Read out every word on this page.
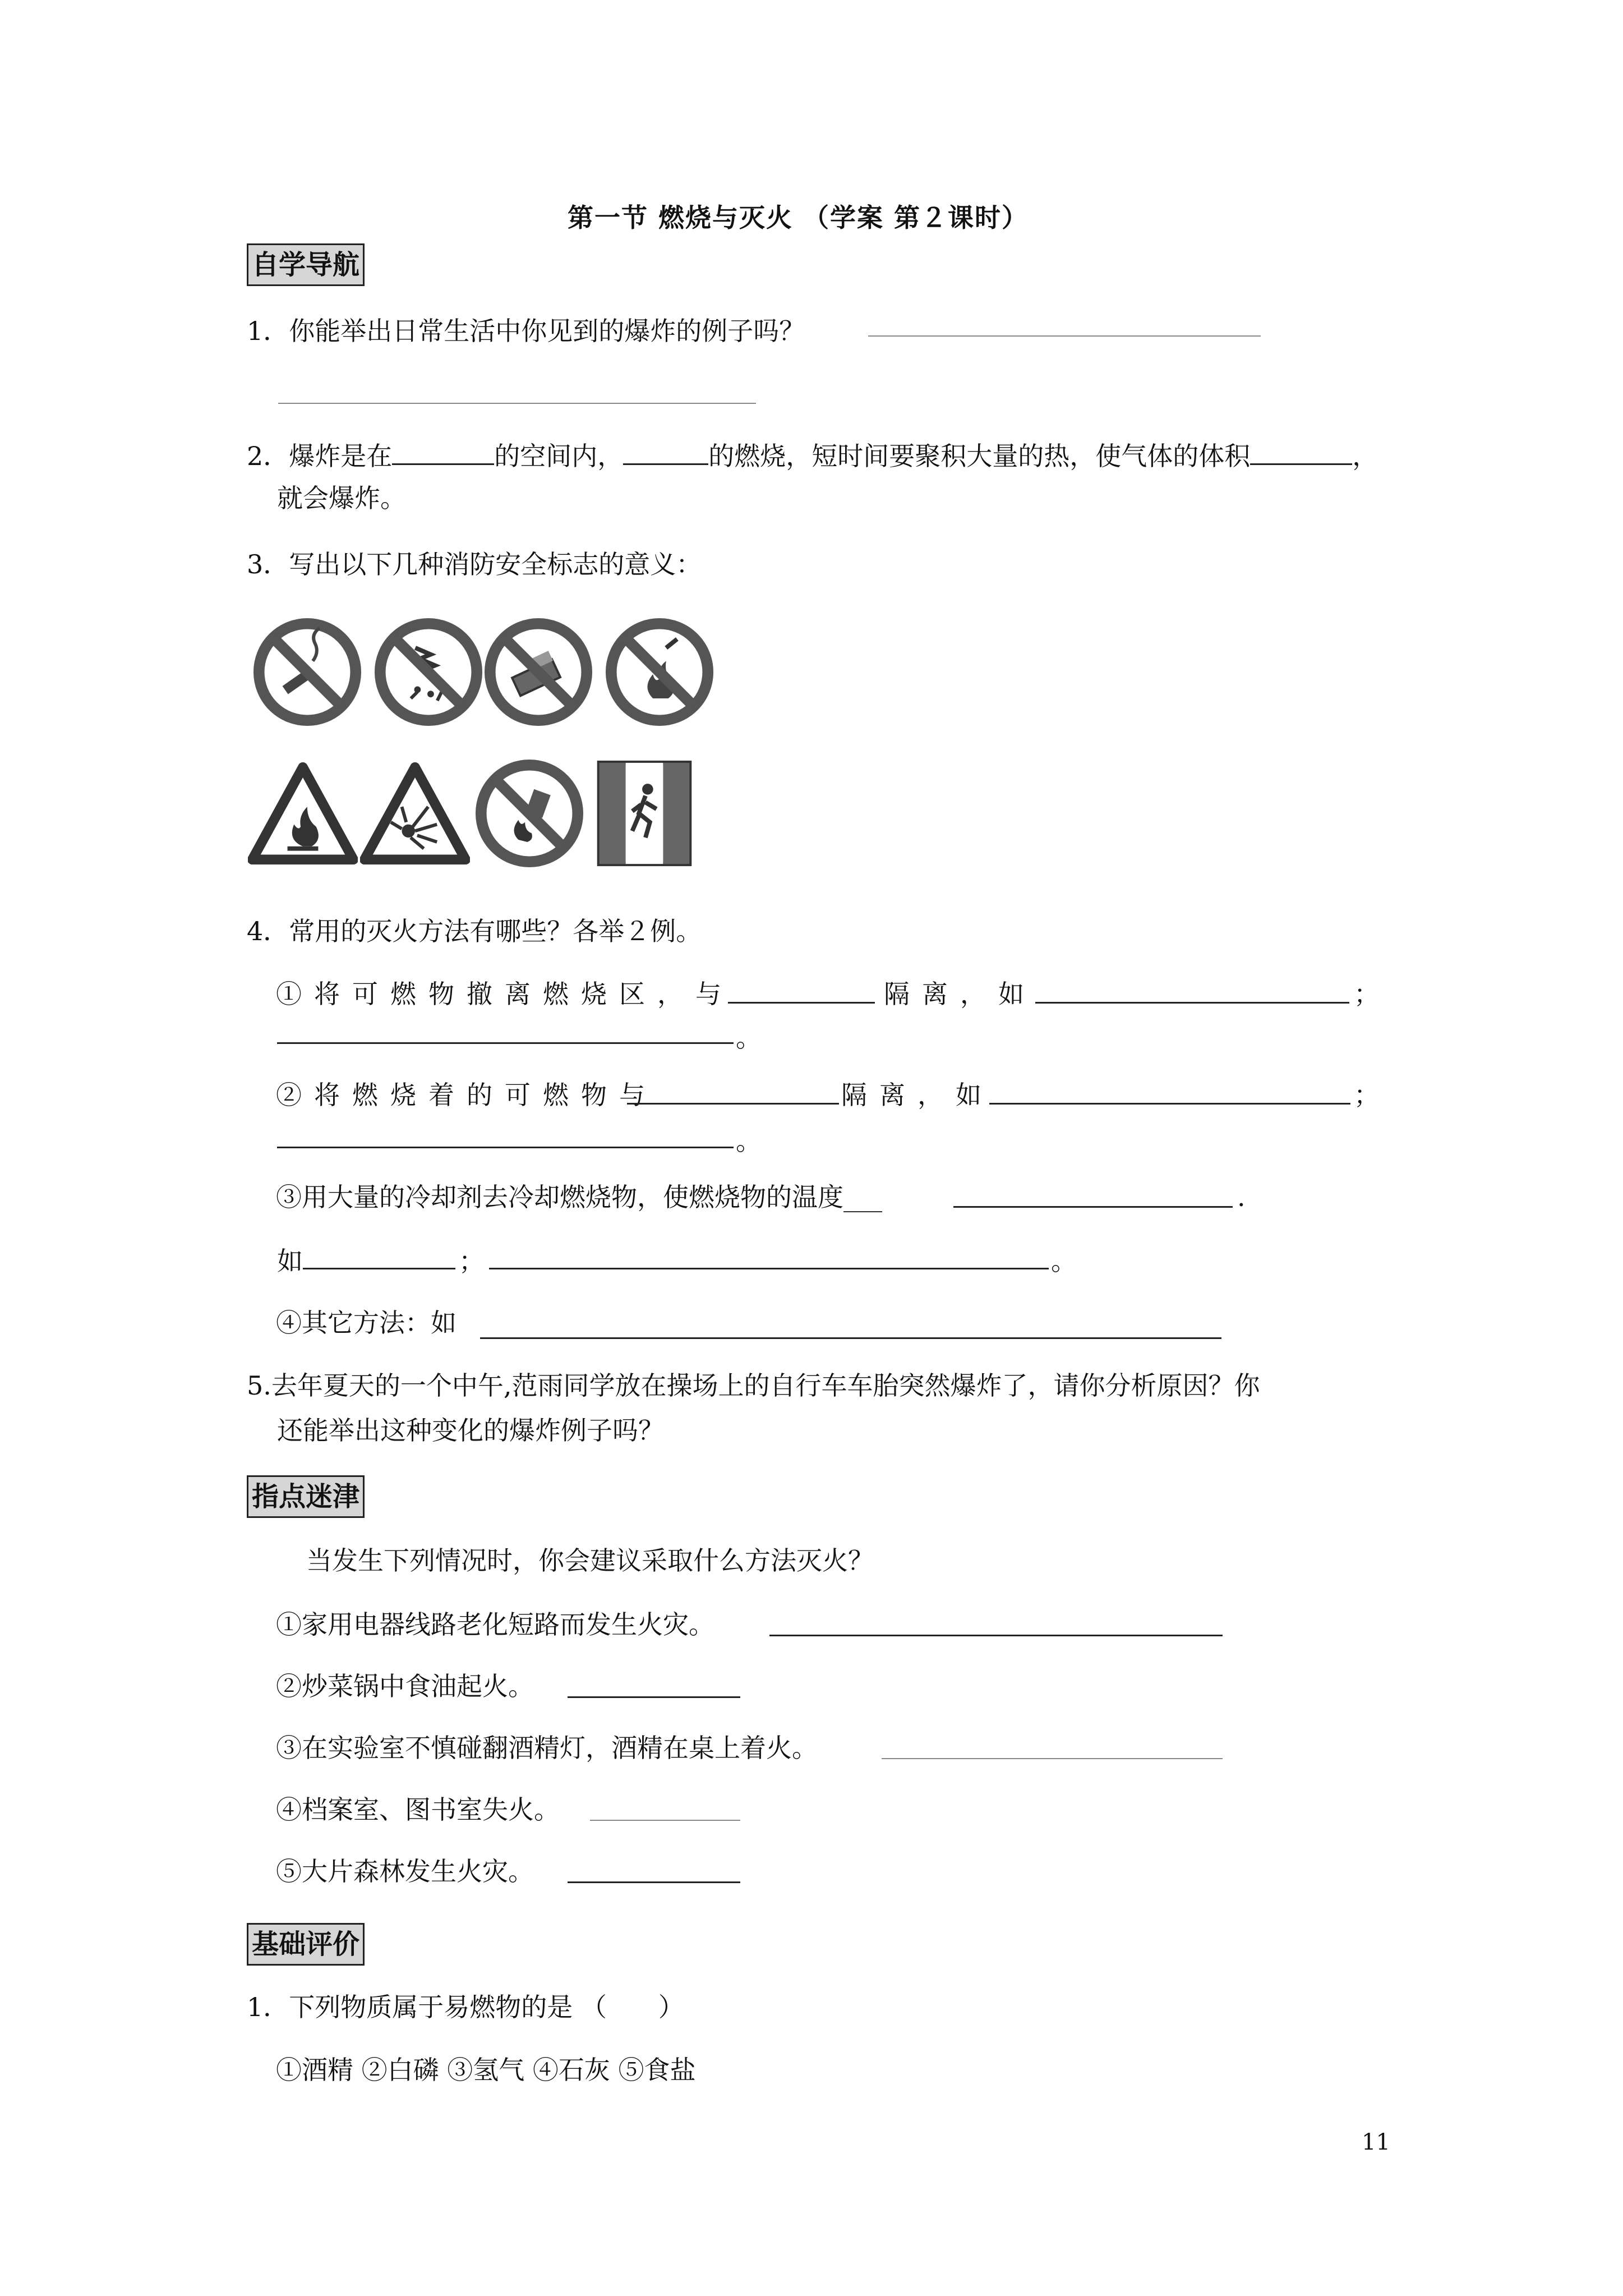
第一节 燃烧与灭火 （学案 第２课时）
自学导航
1．你能举出日常生活中你见到的爆炸的例子吗？
2．爆炸是在	的空间内，	的燃烧，短时间要聚积大量的热，使气体的体积	，
就会爆炸。
3．写出以下几种消防安全标志的意义：
4．常用的灭火方法有哪些？各举２例。
①将可燃物撤离燃烧区，与	隔离，如	；
。
②将燃烧着的可燃物与	隔离，如	；
。
③用大量的冷却剂去冷却燃烧物，使燃烧物的温度___	.
如	；	。
④其它方法：如
5.去年夏天的一个中午,范雨同学放在操场上的自行车车胎突然爆炸了，请你分析原因？你
还能举出这种变化的爆炸例子吗？
指点迷津
当发生下列情况时，你会建议采取什么方法灭火？
①家用电器线路老化短路而发生火灾。
②炒菜锅中食油起火。
③在实验室不慎碰翻酒精灯，酒精在桌上着火。
④档案室、图书室失火。
⑤大片森林发生火灾。
基础评价
1．下列物质属于易燃物的是 （　　）
①酒精 ②白磷 ③氢气 ④石灰 ⑤食盐
11
